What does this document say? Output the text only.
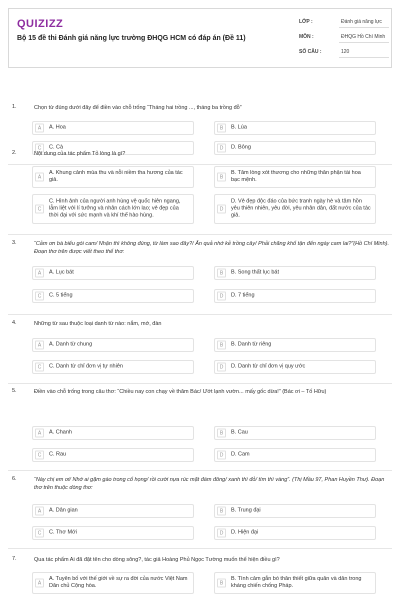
QUIZIZZ
Bộ 15 đề thi Đánh giá năng lực trường ĐHQG HCM có đáp án (Đề 11)
LỚP :	Đánh giá năng lực
MÔN :	ĐHQG Hồ Chí Minh
SỐ CÂU :	120
1.	Chọn từ đúng dưới đây để điền vào chỗ trống “Tháng hai trồng ..., tháng ba trồng đỗ”
A	A. Hoa	B	B. Lúa
C	C. Cà	D	D. Bông
2.	Nội dung của tác phẩm Tỏ lòng là gì?
A
A. Khung cảnh mùa thu và nỗi niềm tha hương của tác giả.	B
B. Tâm lòng xót thương cho những thân phận tài hoa bạc mệnh.
C
C. Hình ảnh của người anh hùng vệ quốc hiên ngang, lẫm liệt với lí tưởng và nhân cách lớn lao; vẻ đẹp của thời đại với sức mạnh và khí thế hào hùng.
D
D. Vẻ đẹp độc đáo của bức tranh ngày hè và tâm hồn yêu thiên nhiên, yêu đời, yêu nhân dân, đất nước của tác giả.
3.	“Cảm ơn bà biếu gói cam/ Nhận thì không đúng, từ làm sao đây?/ Ăn quả nhớ kẻ trồng cây/ Phải chăng khổ tận đến ngày cam lai?”(Hồ Chí Minh). Đoạn thơ trên được viết theo thể thơ:
A	A. Lục bát	B	B. Song thất lục bát
C	C. 5 tiếng	D	D. 7 tiếng
4.	Những từ sau thuộc loại danh từ nào: nắm, mớ, đàn
A	A. Danh từ chung	B	B. Danh từ riêng
C	C. Danh từ chỉ đơn vị tự nhiên	D	D. Danh từ chỉ đơn vị quy ước
5.	Điền vào chỗ trống trong câu thơ: “Chiều nay con chạy về thăm Bác/ Ướt lạnh vườn... mấy gốc dừa!” (Bác ơi – Tố Hữu)
A	A. Chanh	B	B. Cau
C	C. Rau	D	D. Cam
6.	“Này chị em ơi/ Nhớ ai gặm gào trong cổ họng/ rồi cười nựa rúc mặt đám đông/ xanh thì đỏ/ tím thì vàng”. (Thị Mầu 97, Phan Huyền Thư). Đoạn thơ trên thuộc dòng thơ:
A	A. Dân gian	B	B. Trung đại
C	C. Thơ Mới	D	D. Hiện đại
7.	Qua tác phẩm Ai đã đặt tên cho dòng sông?, tác giả Hoàng Phủ Ngọc Tường muốn thể hiện điều gì?
A
A. Tuyên bố với thế giới về sự ra đời của nước Việt Nam Dân chủ Cộng hòa.	B
B. Tình cảm gắn bó thân thiết giữa quân và dân trong kháng chiến chống Pháp.
